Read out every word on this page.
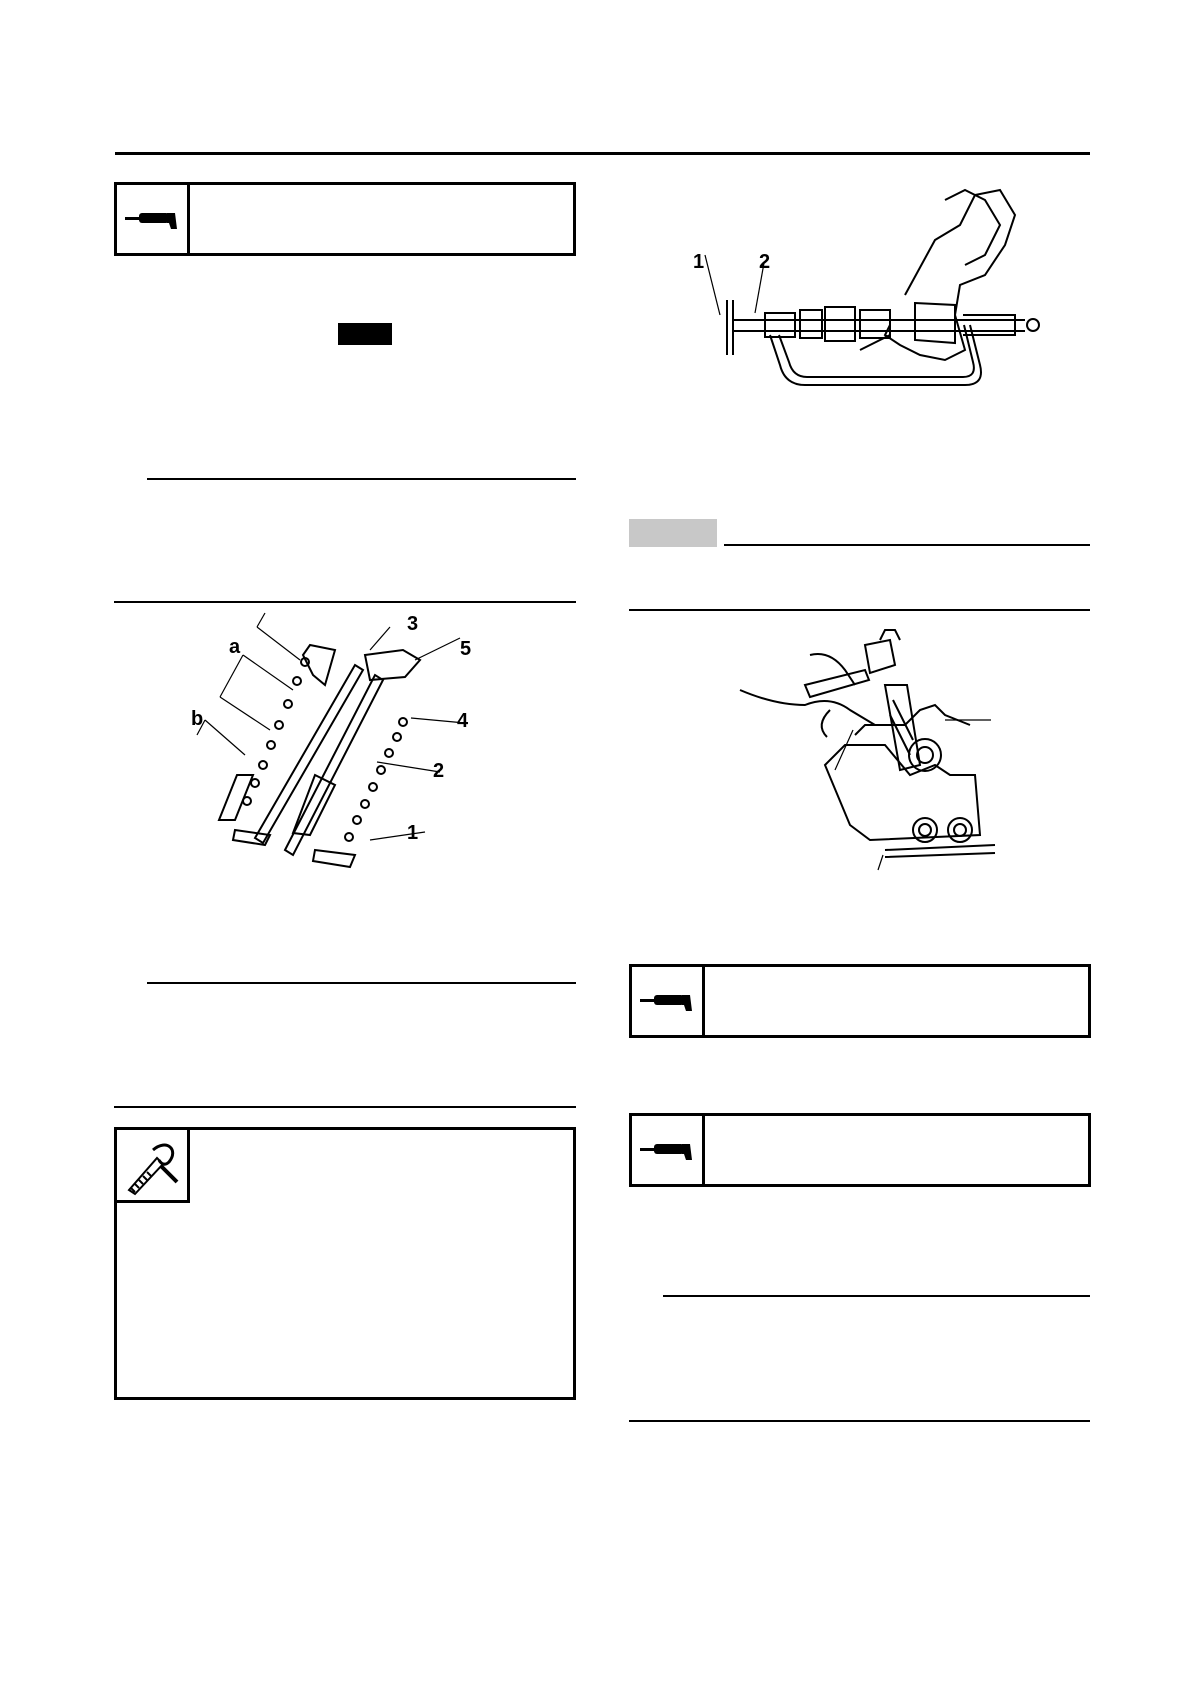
a
b
3
5
4
2
1
1	2
